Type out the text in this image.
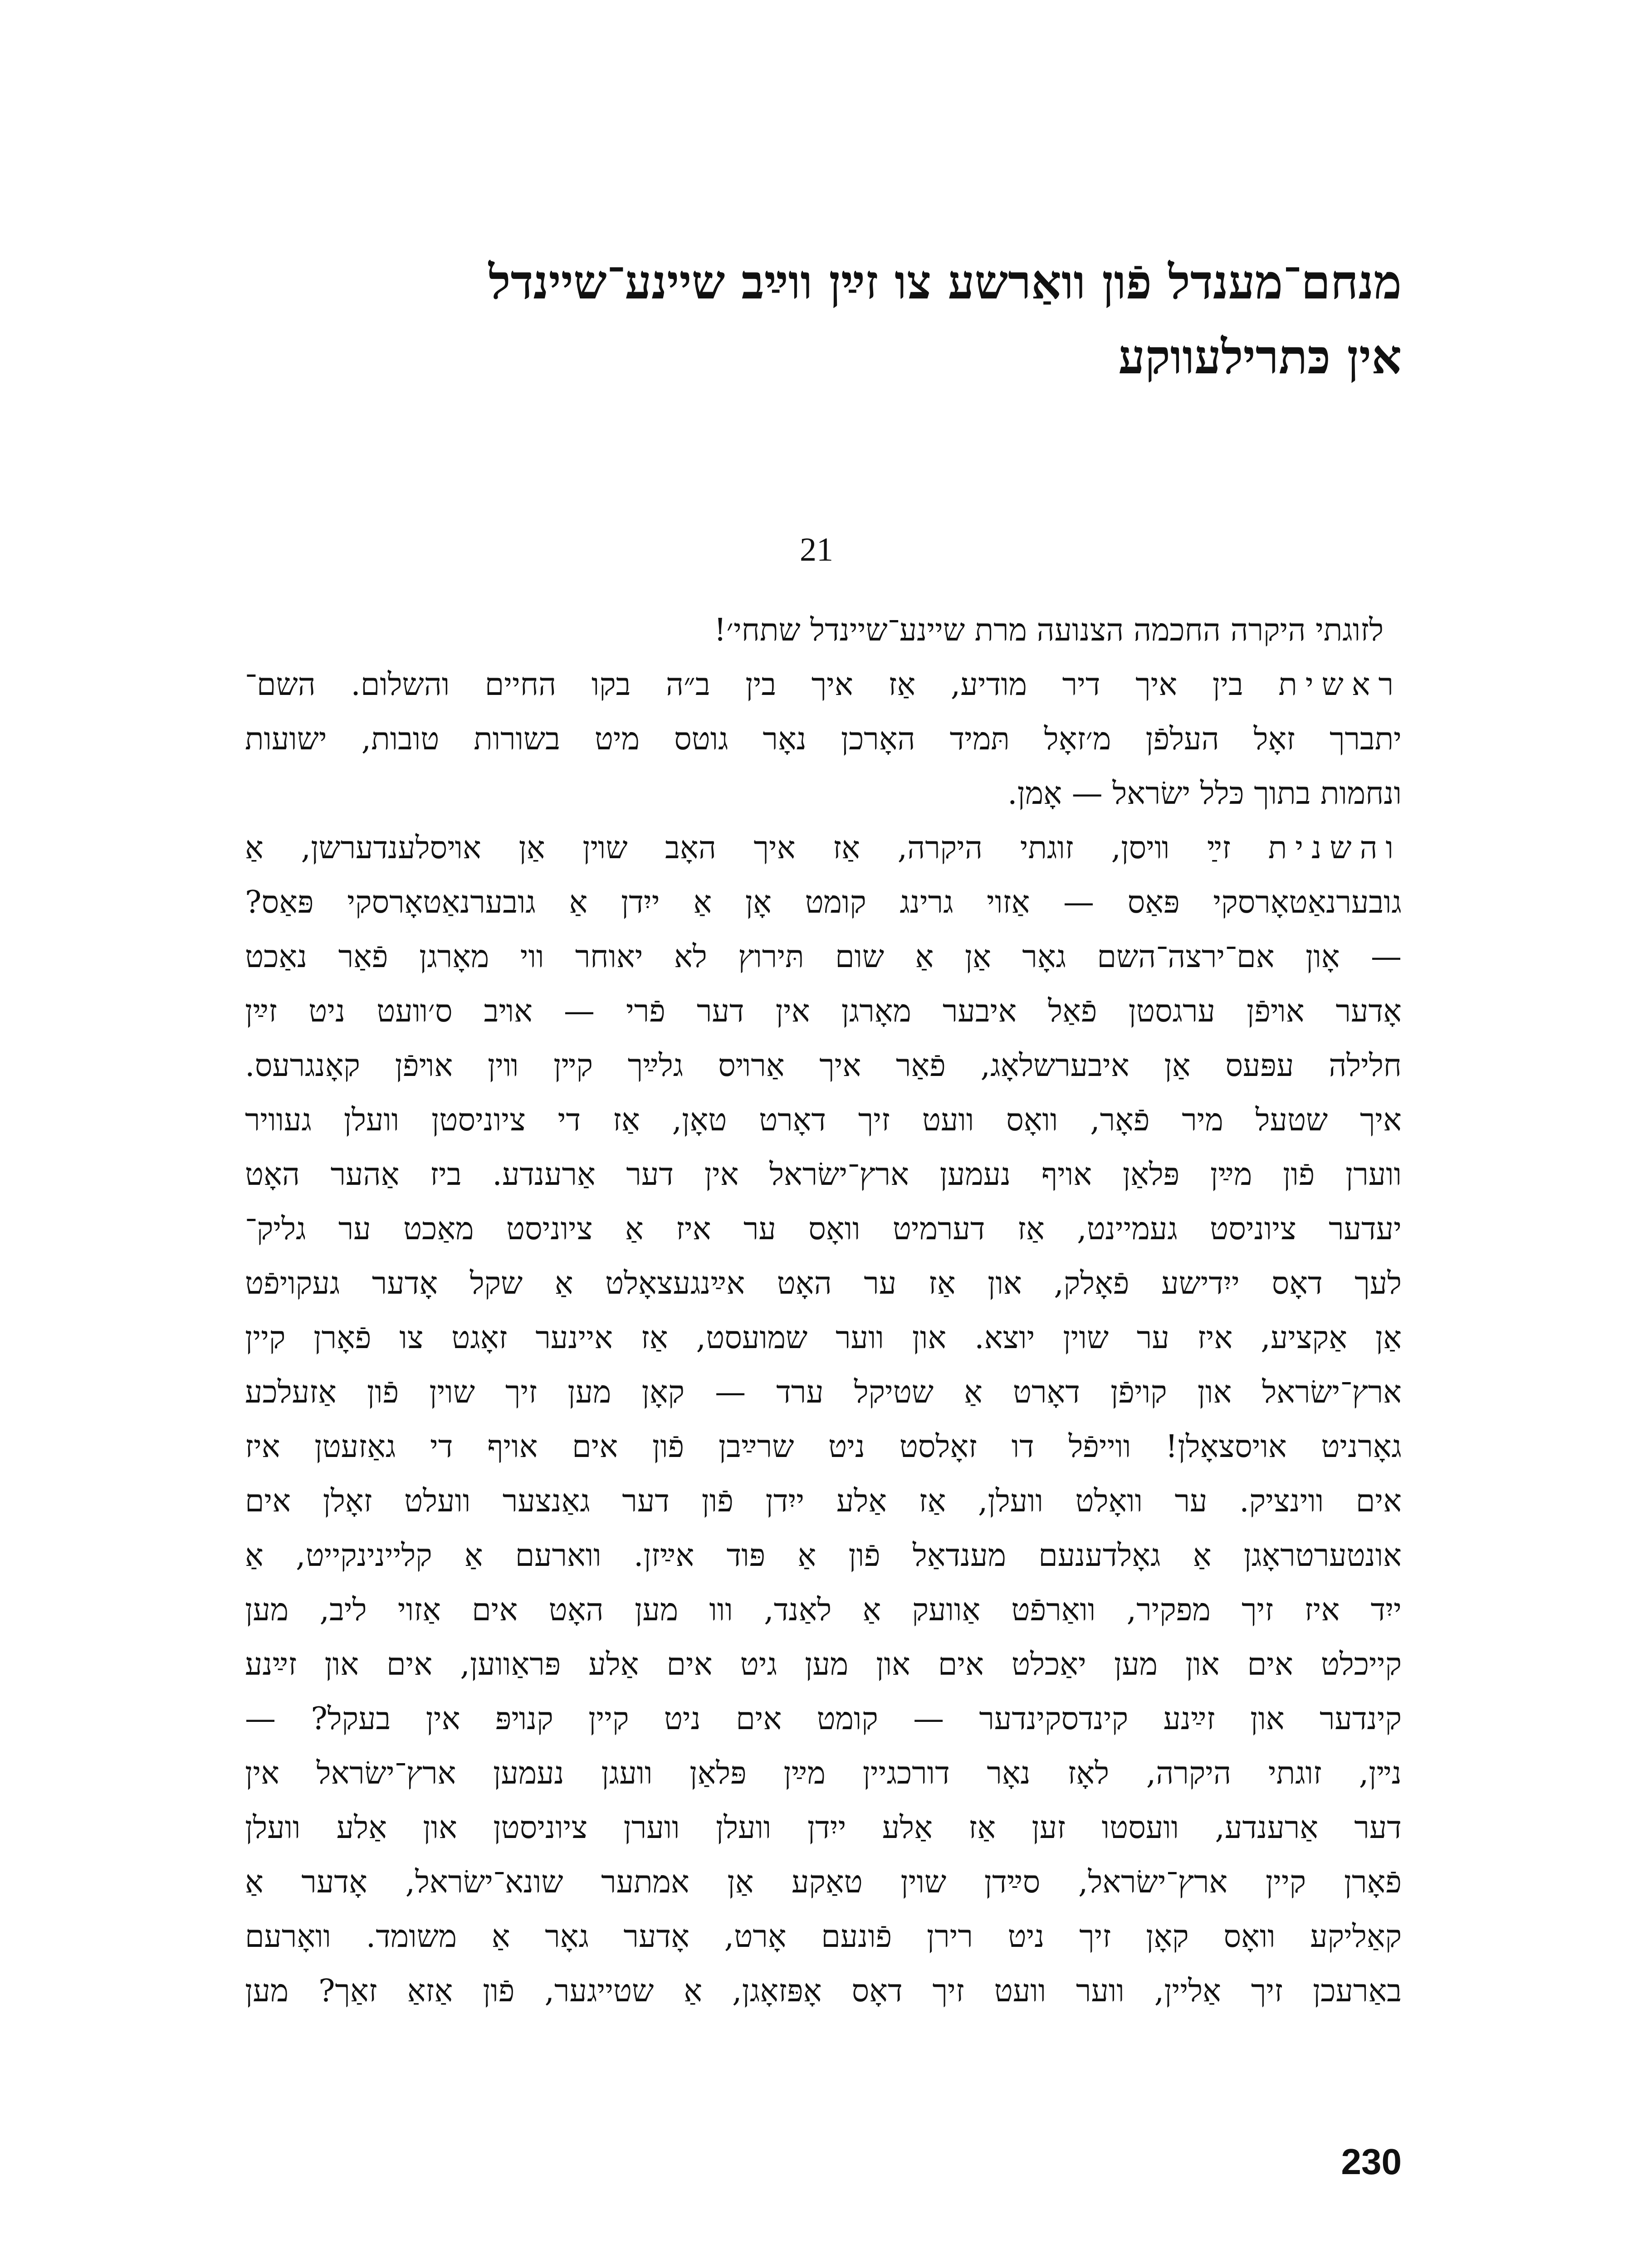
מנחם־מענדל פֿון וואַרשע צו זײַן ווײַב שיינע־שיינדל
אין כּתרילעווקע
21
לזוגתי היקרה החכמה הצנועה מרת שיינע־שיינדל שתחי׳!
ראשית בין איך דיר מודיע, אַז איך בין ב״ה בקו החיים והשלום. השם־
יתברך זאָל העלפֿן מ׳זאָל תּמיד האָרכן נאָר גוטס מיט בשורות טובות, ישועות
ונחמות בתוך כּלל ישׂראל — אָמן.
והשנית זײַ װיסן, זוגתי היקרה, אַז איך האָב שױן אַן אױסלענדערשן, אַ
גובערנאַטאָרסקי פּאַס — אַזוי גרינג קומט אָן אַ ייִדן אַ גובערנאַטאָרסקי פּאַס?
— אָון אם־ירצה־השם גאָר אַן אַ שום תּירוץ לא יאוחר ווי מאָרגן פֿאַר נאַכט
אָדער אױפֿן ערגסטן פֿאַל איבער מאָרגן אין דער פֿרי — אױב ס׳װעט ניט זײַן
חלילה עפּעס אַן איבערשלאָג, פֿאַר איך אַרױס גלײַך קײן װין אױפֿן קאָנגרעס.
איך שטעל מיר פֿאָר, וואָס וועט זיך דאָרט טאָן, אַז די ציוניסטן וועלן געוויר
ווערן פֿון מײַן פּלאַן אויף נעמען ארץ־ישׂראל אין דער אַרענדע. ביז אַהער האָט
יעדער ציוניסט געמיינט, אַז דערמיט וואָס ער איז אַ ציוניסט מאַכט ער גליק־
לעך דאָס ייִדישע פֿאָלק, און אַז ער האָט אײַנגעצאָלט אַ שקל אָדער געקויפֿט
אַן אַקציע, איז ער שוין יוצא. און ווער שמועסט, אַז איינער זאָגט צו פֿאָרן קיין
ארץ־ישׂראל און קויפֿן דאָרט אַ שטיקל ערד — קאָן מען זיך שוין פֿון אַזעלכע
גאָרניט אויסצאָלן! ווייפֿל דו זאָלסט ניט שרײַבן פֿון אים אויף די גאַזעטן איז
אים ווינציק. ער וואָלט וועלן, אַז אַלע ייִדן פֿון דער גאַנצער וועלט זאָלן אים
אונטערטראָגן אַ גאָלדענעם מענדאַל פֿון אַ פּוד אײַזן. ווארעם אַ קליינינקייט, אַ
ייִד איז זיך מפקיר, וואַרפֿט אַוועק אַ לאַנד, ווו מען האָט אים אַזוי ליב, מען
קייכלט אים און מען יאַכלט אים און מען גיט אים אַלע פּראַווען, אים און זײַנע
קינדער און זײַנע קינדסקינדער — קומט אים ניט קיין קנױפּ אין בעקל? —
נײן, זוגתי היקרה, לאָז נאָר דורכגיין מײַן פּלאַן וועגן נעמען ארץ־ישׂראל אין
דער אַרענדע, וועסטו זען אַז אַלע ייִדן וועלן ווערן ציוניסטן און אַלע וועלן
פֿאָרן קיין ארץ־ישׂראל, סײַדן שוין טאַקע אַן אמתער שונא־ישׂראל, אָדער אַ
קאַליקע וואָס קאָן זיך ניט רירן פֿונעם אָרט, אָדער גאָר אַ משומד. וואָרעם
באַרעכן זיך אַליין, ווער וועט זיך דאָס אָפּזאָגן, אַ שטייגער, פֿון אַזאַ זאַך? מען
230
